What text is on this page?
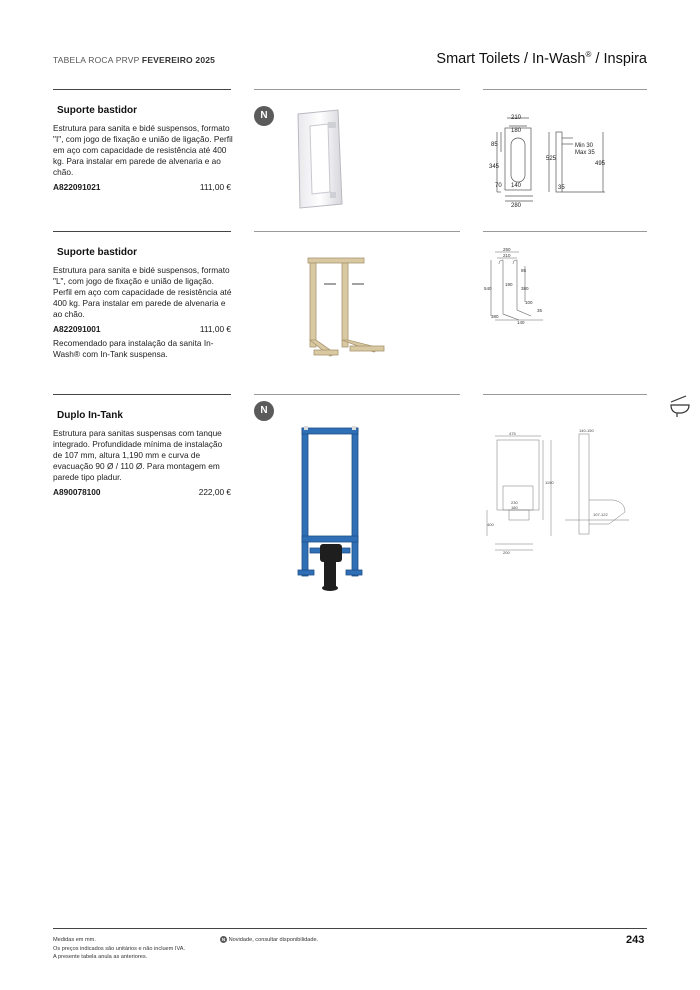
TABELA ROCA PRVP FEVEREIRO 2025	Smart Toilets / In-Wash® / Inspira
Suporte bastidor
Estrutura para sanita e bidé suspensos, formato "I", com jogo de fixação e união de ligação. Perfil em aço com capacidade de resistência até 400 kg. Para instalar em parede de alvenaria e ao chão.
A822091021	111,00 €
N	210
180
85
345
70 140
280
525
Min 30
Max 35
495
35
Suporte bastidor
Estrutura para sanita e bidé suspensos, formato "L", com jogo de fixação e união de ligação. Perfil em aço com capacidade de resistência até 400 kg. Para instalar em parede de alvenaria e ao chão.
A822091001	111,00 €
Recomendado para instalação da sanita In-Wash® com In-Tank suspensa.
250
210
85
540
190
380
100
380
140
35
Duplo In-Tank
Estrutura para sanitas suspensas com tanque integrado. Profundidade mínima de instalação de 107 mm, altura 1,190 mm e curva de evacuação 90 Ø / 110 Ø. Para montagem em parede tipo pladur.
A890078100	222,00 €
N
475
1190
230
180
107-122
140-150
400
200
Medidas em mm.
Os preços indicados são unitários e não incluem IVA.
A presente tabela anula as anteriores.
N Novidade, consultar disponibilidade.	243
